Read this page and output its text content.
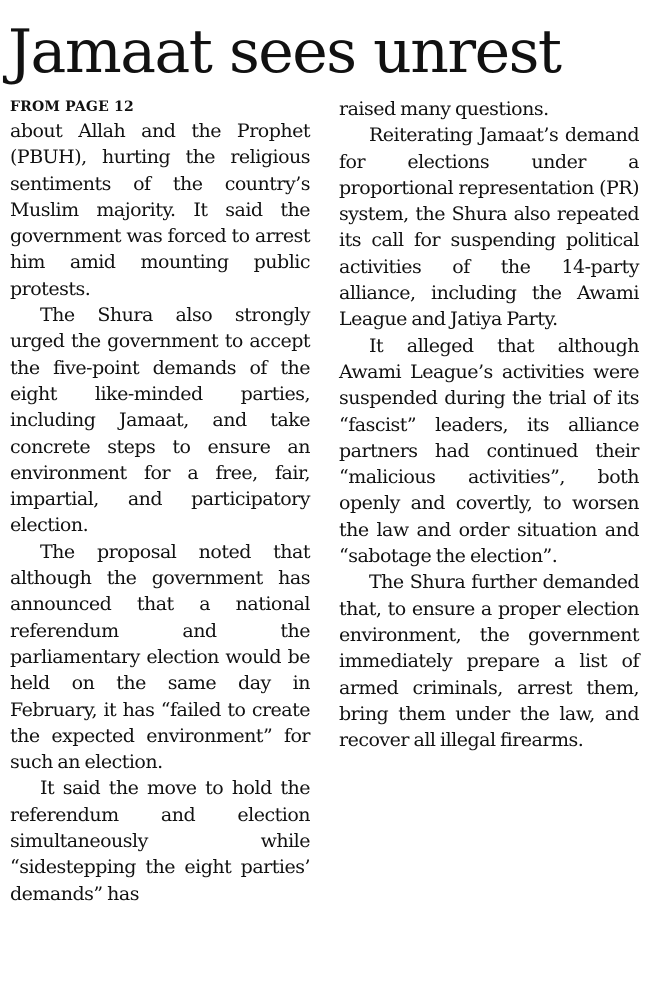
Jamaat sees unrest
FROM PAGE 12

about Allah and the Prophet (PBUH), hurting the religious sentiments of the country’s Muslim majority. It said the government was forced to arrest him amid mounting public protests.

The Shura also strongly urged the government to accept the five-point demands of the eight like-minded parties, including Jamaat, and take concrete steps to ensure an environment for a free, fair, impartial, and participatory election.

The proposal noted that although the government has announced that a national referendum and the parliamentary election would be held on the same day in February, it has “failed to create the expected environment” for such an election.

It said the move to hold the referendum and election simultaneously while “sidestepping the eight parties’ demands” has

raised many questions.

Reiterating Jamaat’s demand for elections under a proportional representation (PR) system, the Shura also repeated its call for suspending political activities of the 14-party alliance, including the Awami League and Jatiya Party.

It alleged that although Awami League’s activities were suspended during the trial of its “fascist” leaders, its alliance partners had continued their “malicious activities”, both openly and covertly, to worsen the law and order situation and “sabotage the election”.

The Shura further demanded that, to ensure a proper election environment, the government immediately prepare a list of armed criminals, arrest them, bring them under the law, and recover all illegal firearms.
